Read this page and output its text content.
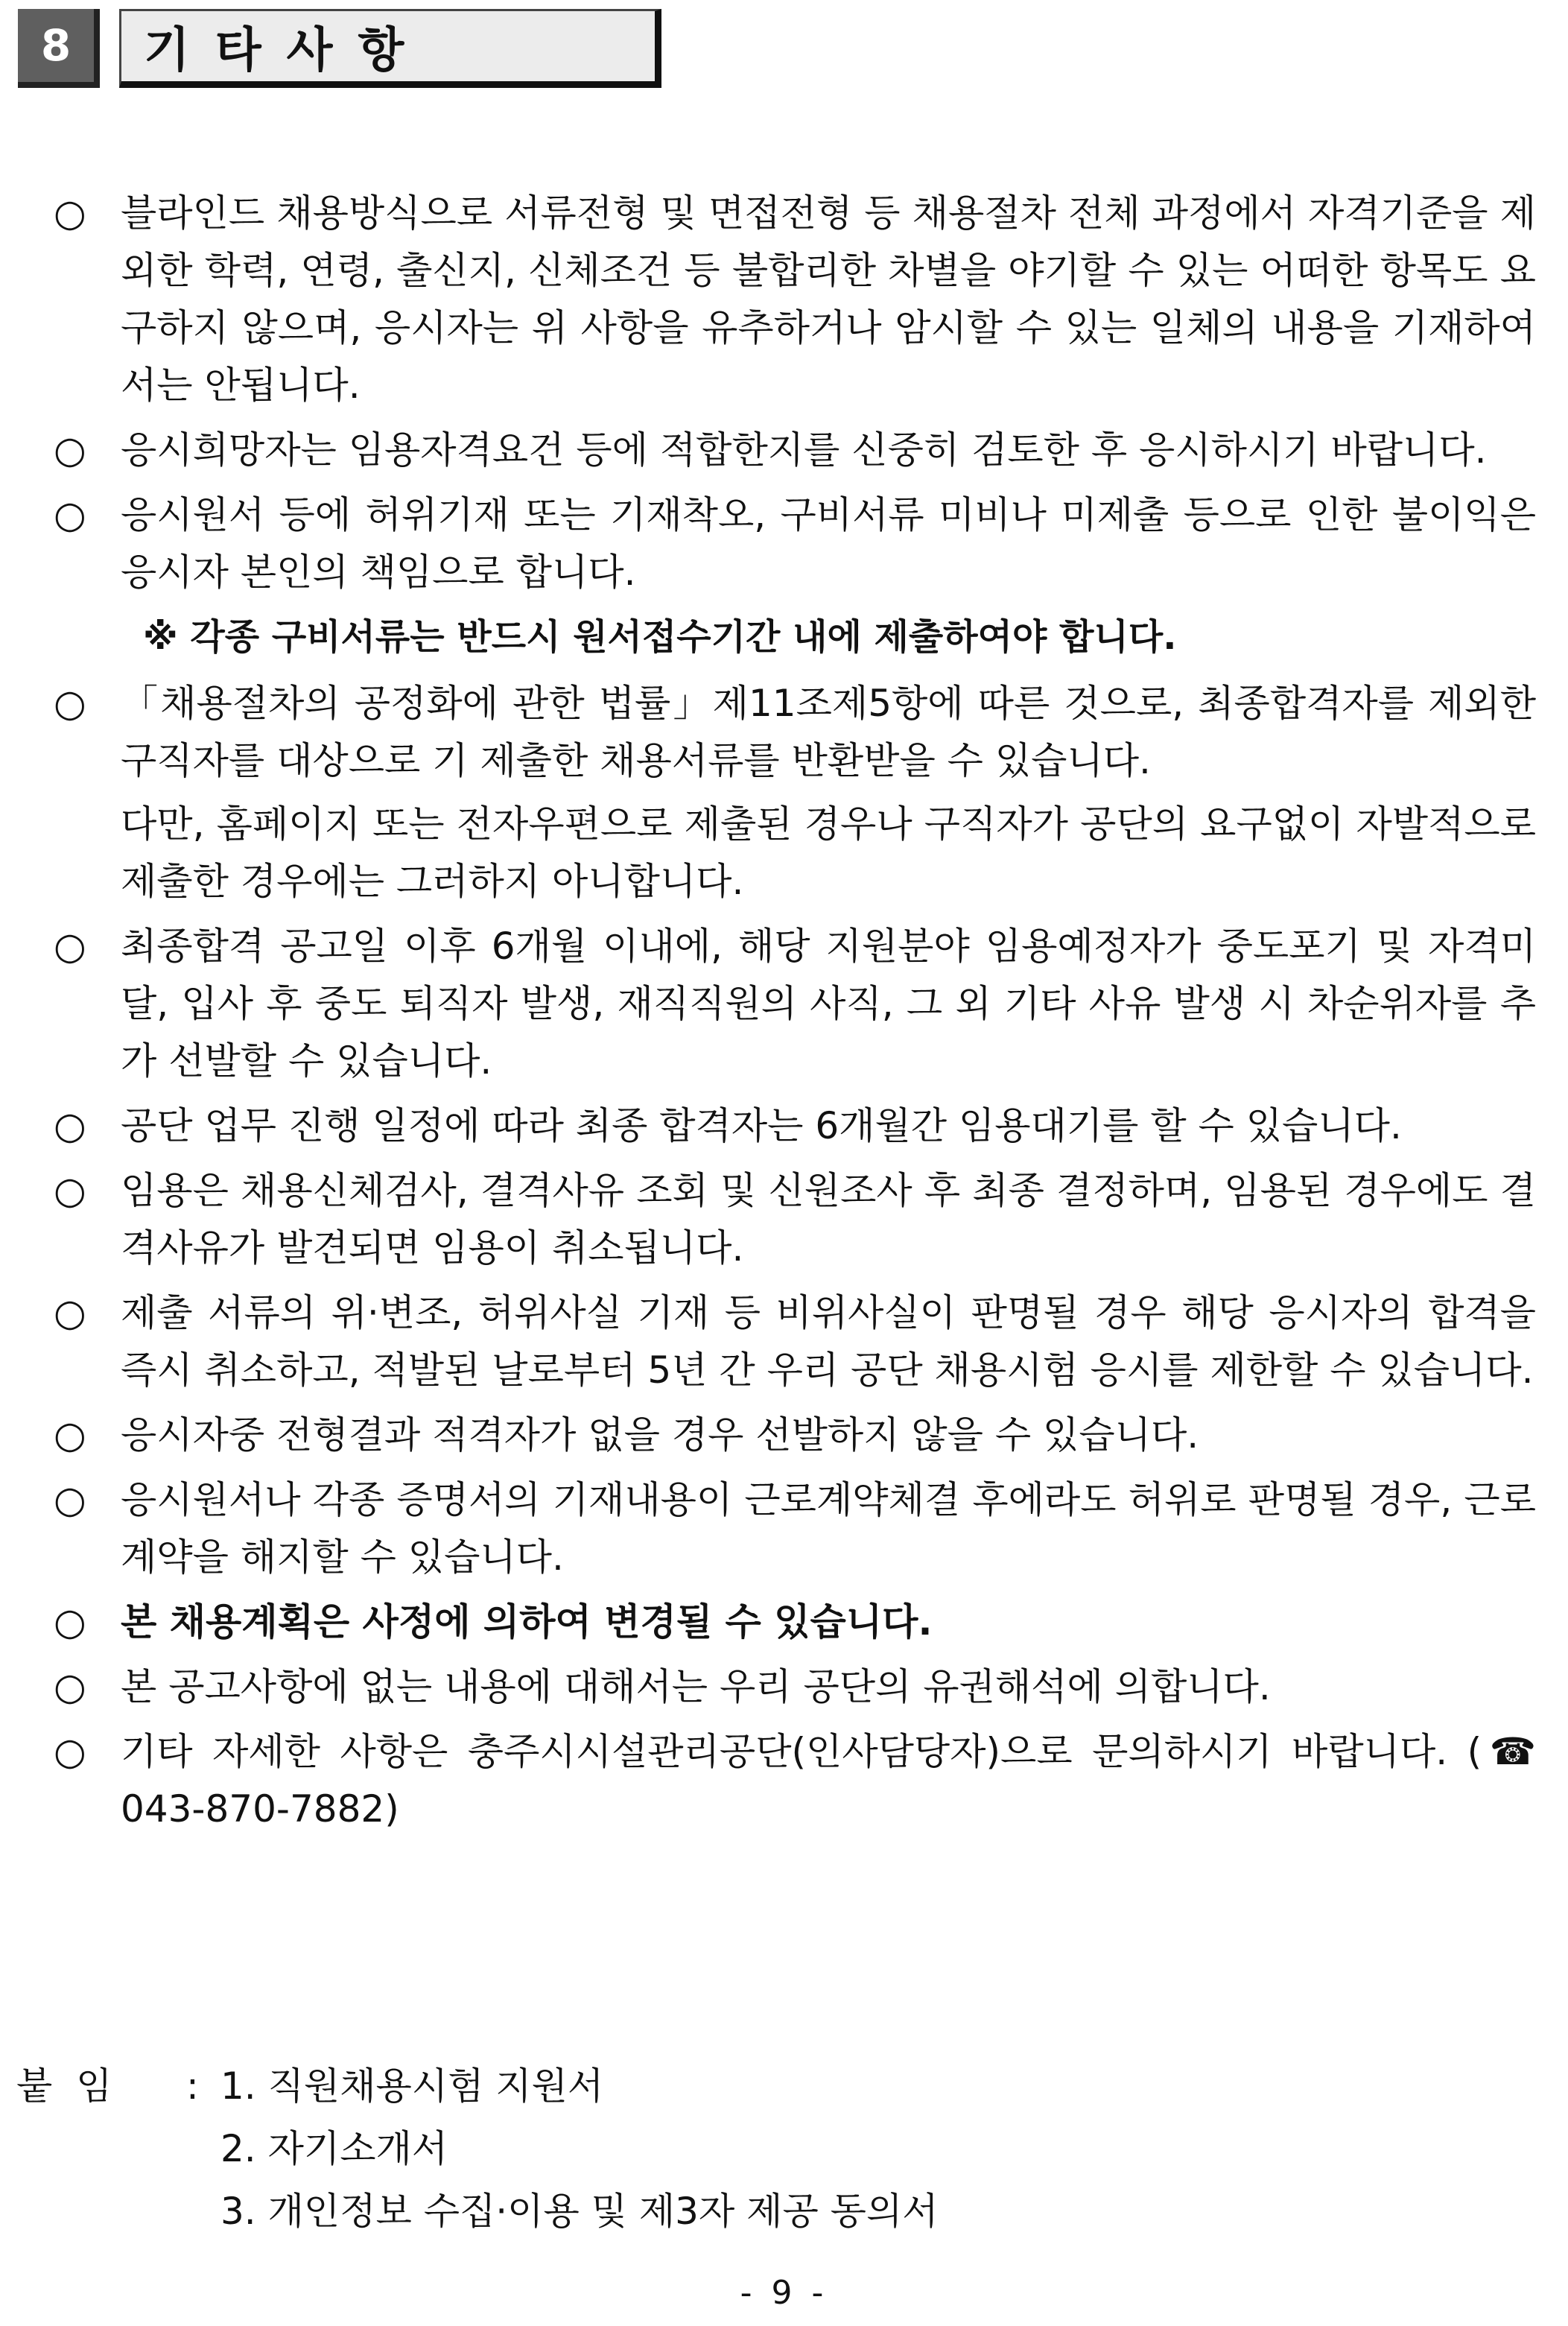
8	기타사항
○ 블라인드 채용방식으로 서류전형 및 면접전형 등 채용절차 전체 과정에서 자격기준을 제외한 학력, 연령, 출신지, 신체조건 등 불합리한 차별을 야기할 수 있는 어떠한 항목도 요구하지 않으며, 응시자는 위 사항을 유추하거나 암시할 수 있는 일체의 내용을 기재하여서는 안됩니다.

○ 응시희망자는 임용자격요건 등에 적합한지를 신중히 검토한 후 응시하시기 바랍니다.

○ 응시원서 등에 허위기재 또는 기재착오, 구비서류 미비나 미제출 등으로 인한 불이익은 응시자 본인의 책임으로 합니다.

※ 각종 구비서류는 반드시 원서접수기간 내에 제출하여야 합니다.
○ 「채용절차의 공정화에 관한 법률」제11조제5항에 따른 것으로, 최종합격자를 제외한 구직자를 대상으로 기 제출한 채용서류를 반환받을 수 있습니다.

다만, 홈페이지 또는 전자우편으로 제출된 경우나 구직자가 공단의 요구없이 자발적으로 제출한 경우에는 그러하지 아니합니다.

○ 최종합격 공고일 이후 6개월 이내에, 해당 지원분야 임용예정자가 중도포기 및 자격미달, 입사 후 중도 퇴직자 발생, 재직직원의 사직, 그 외 기타 사유 발생 시 차순위자를 추가 선발할 수 있습니다.

○ 공단 업무 진행 일정에 따라 최종 합격자는 6개월간 임용대기를 할 수 있습니다.

○ 임용은 채용신체검사, 결격사유 조회 및 신원조사 후 최종 결정하며, 임용된 경우에도 결격사유가 발견되면 임용이 취소됩니다.

○ 제출 서류의 위·변조, 허위사실 기재 등 비위사실이 판명될 경우 해당 응시자의 합격을 즉시 취소하고, 적발된 날로부터 5년 간 우리 공단 채용시험 응시를 제한할 수 있습니다.

○ 응시자중 전형결과 적격자가 없을 경우 선발하지 않을 수 있습니다.

○ 응시원서나 각종 증명서의 기재내용이 근로계약체결 후에라도 허위로 판명될 경우, 근로계약을 해지할 수 있습니다.

○ 본 채용계획은 사정에 의하여 변경될 수 있습니다.

○ 본 공고사항에 없는 내용에 대해서는 우리 공단의 유권해석에 의합니다.

○ 기타 자세한 사항은 충주시시설관리공단(인사담당자)으로 문의하시기 바랍니다. (☎ 043-870-7882)

붙  임	: 1. 직원채용시험 지원서
2. 자기소개서
3. 개인정보 수집·이용 및 제3자 제공 동의서
- 9 -
